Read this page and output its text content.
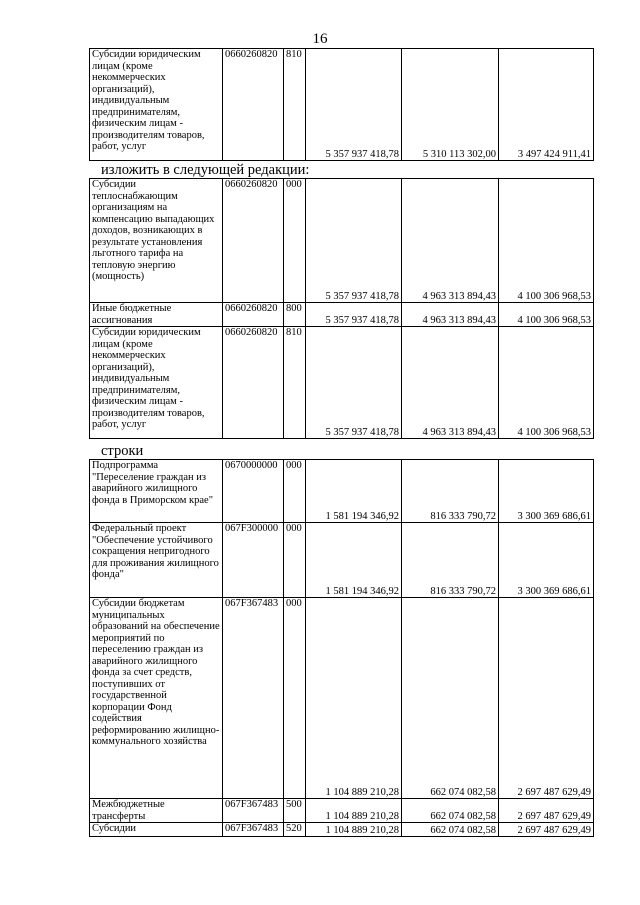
16
Субсидии юридическим лицам (кроме некоммерческих организаций), индивидуальным предпринимателям, физическим лицам - производителям товаров, работ, услуг	0660260820	810	5 357 937 418,78	5 310 113 302,00	3 497 424 911,41
изложить в следующей редакции:
Субсидии теплоснабжающим организациям на компенсацию выпадающих доходов, возникающих в результате установления льготного тарифа на тепловую энергию (мощность)	0660260820	000	5 357 937 418,78	4 963 313 894,43	4 100 306 968,53
Иные бюджетные ассигнования	0660260820	800	5 357 937 418,78	4 963 313 894,43	4 100 306 968,53
Субсидии юридическим лицам (кроме некоммерческих организаций), индивидуальным предпринимателям, физическим лицам - производителям товаров, работ, услуг	0660260820	810	5 357 937 418,78	4 963 313 894,43	4 100 306 968,53
строки
Подпрограмма "Переселение граждан из аварийного жилищного фонда в Приморском крае"	0670000000	000	1 581 194 346,92	816 333 790,72	3 300 369 686,61
Федеральный проект "Обеспечение устойчивого сокращения непригодного для проживания жилищного фонда"	067F300000	000	1 581 194 346,92	816 333 790,72	3 300 369 686,61
Субсидии бюджетам муниципальных образований на обеспечение мероприятий по переселению граждан из аварийного жилищного фонда за счет средств, поступивших от государственной корпорации Фонд содействия реформированию жилищно-коммунального хозяйства	067F367483	000	1 104 889 210,28	662 074 082,58	2 697 487 629,49
Межбюджетные трансферты	067F367483	500	1 104 889 210,28	662 074 082,58	2 697 487 629,49
Субсидии	067F367483	520	1 104 889 210,28	662 074 082,58	2 697 487 629,49
